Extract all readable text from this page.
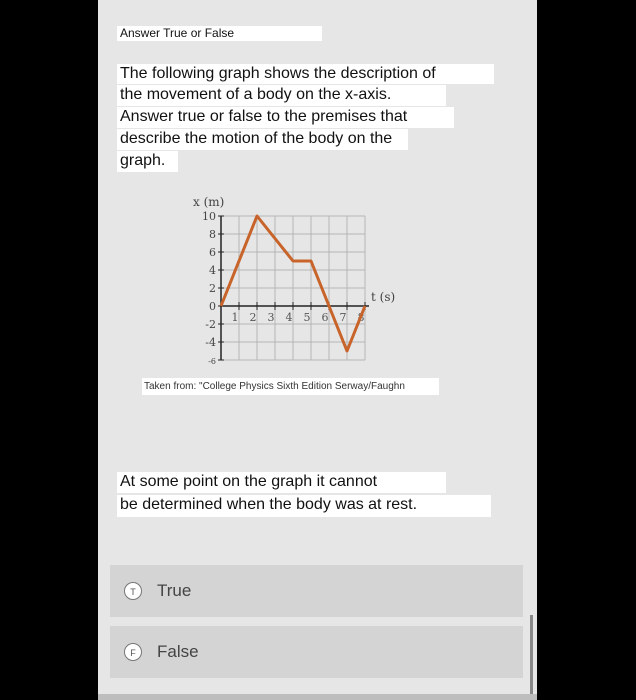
Answer True or False
The following graph shows the description of
the movement of a body on the x-axis.
Answer true or false to the premises that
describe the motion of the body on the
graph.
1 2 3 4 5 6 7 8
10
8
6
4
2
0
-2
-4
-6
x (m)
t (s)
Taken from: "College Physics Sixth Edition Serway/Faughn
At some point on the graph it cannot
be determined when the body was at rest.
T	True
F	False
